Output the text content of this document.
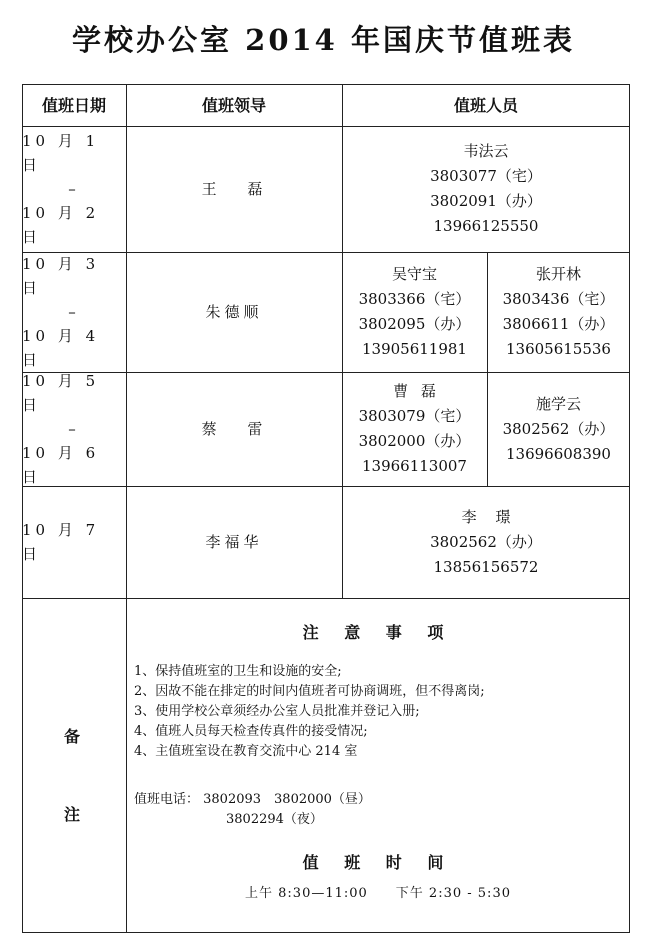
学校办公室 2014 年国庆节值班表
值班日期	值班领导	值班人员
10 月 1 日
–
10 月 2 日
王 磊
韦法云
3803077（宅）
3802091（办）
13966125550
10 月 3 日
–
10 月 4 日
朱德顺
吴守宝
3803366（宅）
3802095（办）
13905611981
张开林
3803436（宅）
3806611（办）
13605615536
10 月 5 日
–
10 月 6 日
蔡 雷
曹 磊
3803079（宅）
3802000（办）
13966113007
施学云
3802562（办）
13696608390
10 月 7 日
李福华
李 璟
3802562（办）
13856156572
备
注
注 意 事 项
1、保持值班室的卫生和设施的安全;
2、因故不能在排定的时间内值班者可协商调班，但不得离岗;
3、使用学校公章须经办公室人员批准并登记入册;
4、值班人员每天检查传真件的接受情况;
4、主值班室设在教育交流中心 214 室
值班电话： 3802093　3802000（昼）
3802294（夜）
值 班 时 间
上午 8:30—11:00　　下午 2:30 - 5:30
